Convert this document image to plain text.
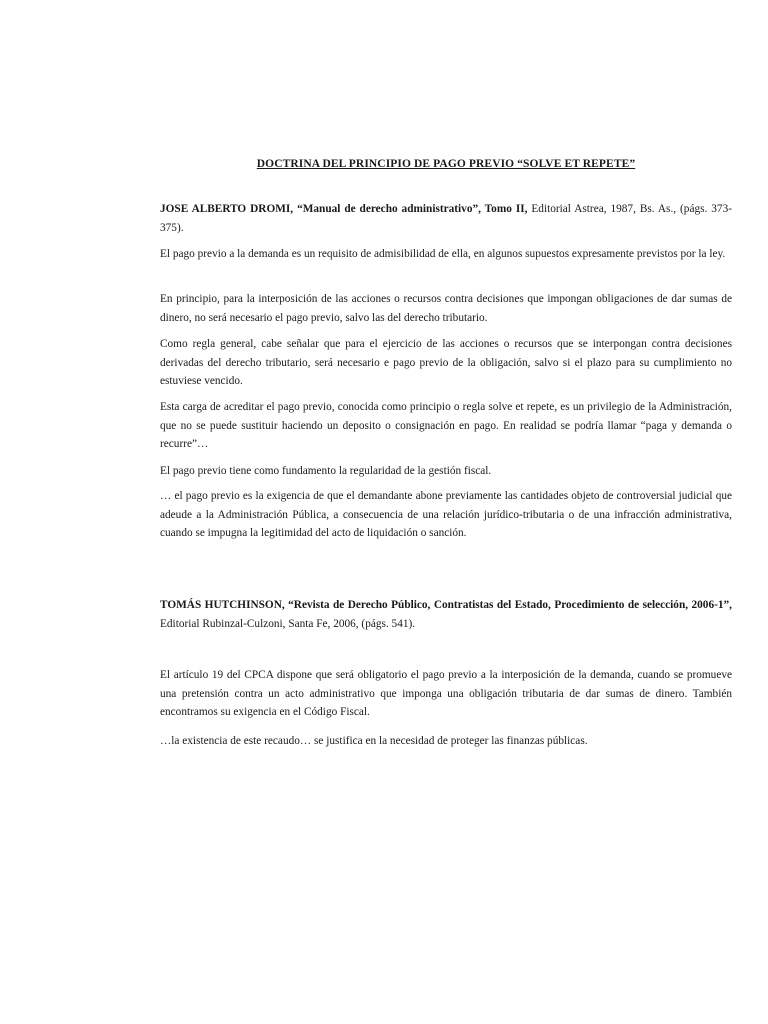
DOCTRINA DEL PRINCIPIO DE PAGO PREVIO “SOLVE ET REPETE”

JOSE ALBERTO DROMI, “Manual de derecho administrativo”, Tomo II, Editorial Astrea, 1987, Bs. As., (págs. 373-375).

El pago previo a la demanda es un requisito de admisibilidad de ella, en algunos supuestos expresamente previstos por la ley.

En principio, para la interposición de las acciones o recursos contra decisiones que impongan obligaciones de dar sumas de dinero, no será necesario el pago previo, salvo las del derecho tributario.

Como regla general, cabe señalar que para el ejercicio de las acciones o recursos que se interpongan contra decisiones derivadas del derecho tributario, será necesario e pago previo de la obligación, salvo si el plazo para su cumplimiento no estuviese vencido.

Esta carga de acreditar el pago previo, conocida como principio o regla solve et repete, es un privilegio de la Administración, que no se puede sustituir haciendo un deposito o consignación en pago. En realidad se podría llamar “paga y demanda o recurre”…

El pago previo tiene como fundamento la regularidad de la gestión fiscal.

… el pago previo es la exigencia de que el demandante abone previamente las cantidades objeto de controversial judicial que adeude a la Administración Pública, a consecuencia de una relación jurídico-tributaria o de una infracción administrativa, cuando se impugna la legitimidad del acto de liquidación o sanción.

TOMÁS HUTCHINSON, “Revista de Derecho Público, Contratistas del Estado, Procedimiento de selección, 2006-1”, Editorial Rubinzal-Culzoni, Santa Fe, 2006, (págs. 541).

El artículo 19 del CPCA dispone que será obligatorio el pago previo a la interposición de la demanda, cuando se promueve una pretensión contra un acto administrativo que imponga una obligación tributaria de dar sumas de dinero. También encontramos su exigencia en el Código Fiscal.

…la existencia de este recaudo… se justifica en la necesidad de proteger las finanzas públicas.
